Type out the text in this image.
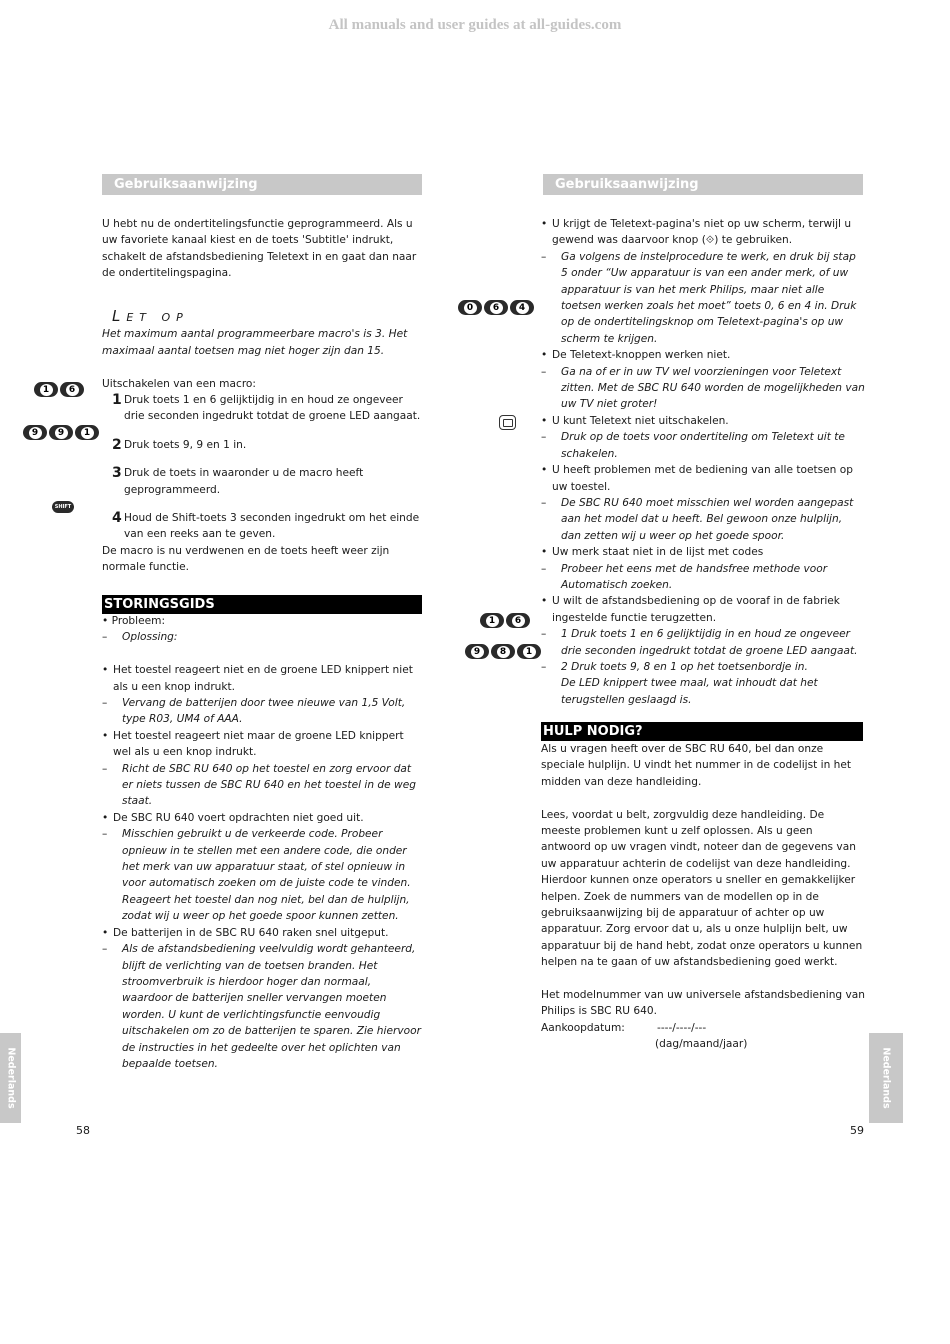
All manuals and user guides at all-guides.com
Gebruiksaanwijzing

U hebt nu de ondertitelingsfunctie geprogrammeerd. Als u uw favoriete kanaal kiest en de toets 'Subtitle' indrukt, schakelt de afstandsbediening Teletext in en gaat dan naar de ondertitelingspagina.

LET OP

Het maximum aantal programmeerbare macro's is 3. Het maximaal aantal toetsen mag niet hoger zijn dan 15.

Uitschakelen van een macro:

1 Druk toets 1 en 6 gelijktijdig in en houd ze ongeveer drie seconden ingedrukt totdat de groene LED aangaat.
2 Druk toets 9, 9 en 1 in.
3 Druk de toets in waaronder u de macro heeft geprogrammeerd.
4 Houd de Shift-toets 3 seconden ingedrukt om het einde van een reeks aan te geven.

De macro is nu verdwenen en de toets heeft weer zijn normale functie.

STORINGSGIDS

• Probleem:

–	Oplossing:
• Het toestel reageert niet en de groene LED knippert niet als u een knop indrukt.
–	Vervang de batterijen door twee nieuwe van 1,5 Volt, type R03, UM4 of AAA.
• Het toestel reageert niet maar de groene LED knippert wel als u een knop indrukt.
–	Richt de SBC RU 640 op het toestel en zorg ervoor dat er niets tussen de SBC RU 640 en het toestel in de weg staat.
• De SBC RU 640 voert opdrachten niet goed uit.
–	Misschien gebruikt u de verkeerde code. Probeer opnieuw in te stellen met een andere code, die onder het merk van uw apparatuur staat, of stel opnieuw in voor automatisch zoeken om de juiste code te vinden.
Reageert het toestel dan nog niet, bel dan de hulplijn, zodat wij u weer op het goede spoor kunnen zetten.
• De batterijen in de SBC RU 640 raken snel uitgeput.
–	Als de afstandsbediening veelvuldig wordt gehanteerd, blijft de verlichting van de toetsen branden. Het stroomverbruik is hierdoor hoger dan normaal, waardoor de batterijen sneller vervangen moeten worden. U kunt de verlichtingsfunctie eenvoudig uitschakelen om zo de batterijen te sparen. Zie hiervoor de instructies in het gedeelte over het oplichten van bepaalde toetsen.
1	6
9	9	1
SHIFT
Nederlands
58
Gebruiksaanwijzing
• U krijgt de Teletext-pagina's niet op uw scherm, terwijl u gewend was daarvoor knop (⟐) te gebruiken.
–	Ga volgens de instelprocedure te werk, en druk bij stap 5 onder “Uw apparatuur is van een ander merk, of uw apparatuur is van het merk Philips, maar niet alle toetsen werken zoals het moet” toets 0, 6 en 4 in. Druk op de ondertitelingsknop om Teletext-pagina's op uw scherm te krijgen.
• De Teletext-knoppen werken niet.
–	Ga na of er in uw TV wel voorzieningen voor Teletext zitten. Met de SBC RU 640 worden de mogelijkheden van uw TV niet groter!
• U kunt Teletext niet uitschakelen.
–	Druk op de toets voor ondertiteling om Teletext uit te schakelen.
• U heeft problemen met de bediening van alle toetsen op uw toestel.
–	De SBC RU 640 moet misschien wel worden aangepast aan het model dat u heeft. Bel gewoon onze hulplijn, dan zetten wij u weer op het goede spoor.
• Uw merk staat niet in de lijst met codes
–	Probeer het eens met de handsfree methode voor Automatisch zoeken.
• U wilt de afstandsbediening op de vooraf in de fabriek ingestelde functie terugzetten.
–	1 Druk toets 1 en 6 gelijktijdig in en houd ze ongeveer drie seconden ingedrukt totdat de groene LED aangaat.
–	2 Druk toets 9, 8 en 1 op het toetsenbordje in.
De LED knippert twee maal, wat inhoudt dat het terugstellen geslaagd is.
HULP NODIG?

Als u vragen heeft over de SBC RU 640, bel dan onze speciale hulplijn. U vindt het nummer in de codelijst in het midden van deze handleiding.

Lees, voordat u belt, zorgvuldig deze handleiding. De meeste problemen kunt u zelf oplossen. Als u geen antwoord op uw vragen vindt, noteer dan de gegevens van uw apparatuur achterin de codelijst van deze handleiding. Hierdoor kunnen onze operators u sneller en gemakkelijker helpen. Zoek de nummers van de modellen op in de gebruiksaanwijzing bij de apparatuur of achter op uw apparatuur. Zorg ervoor dat u, als u onze hulplijn belt, uw apparatuur bij de hand hebt, zodat onze operators u kunnen helpen na te gaan of uw afstandsbediening goed werkt.

Het modelnummer van uw universele afstandsbediening van Philips is SBC RU 640.

Aankoopdatum:	----/----/---
(dag/maand/jaar)
0	6	4
1	6
9	8	1
Nederlands
59
